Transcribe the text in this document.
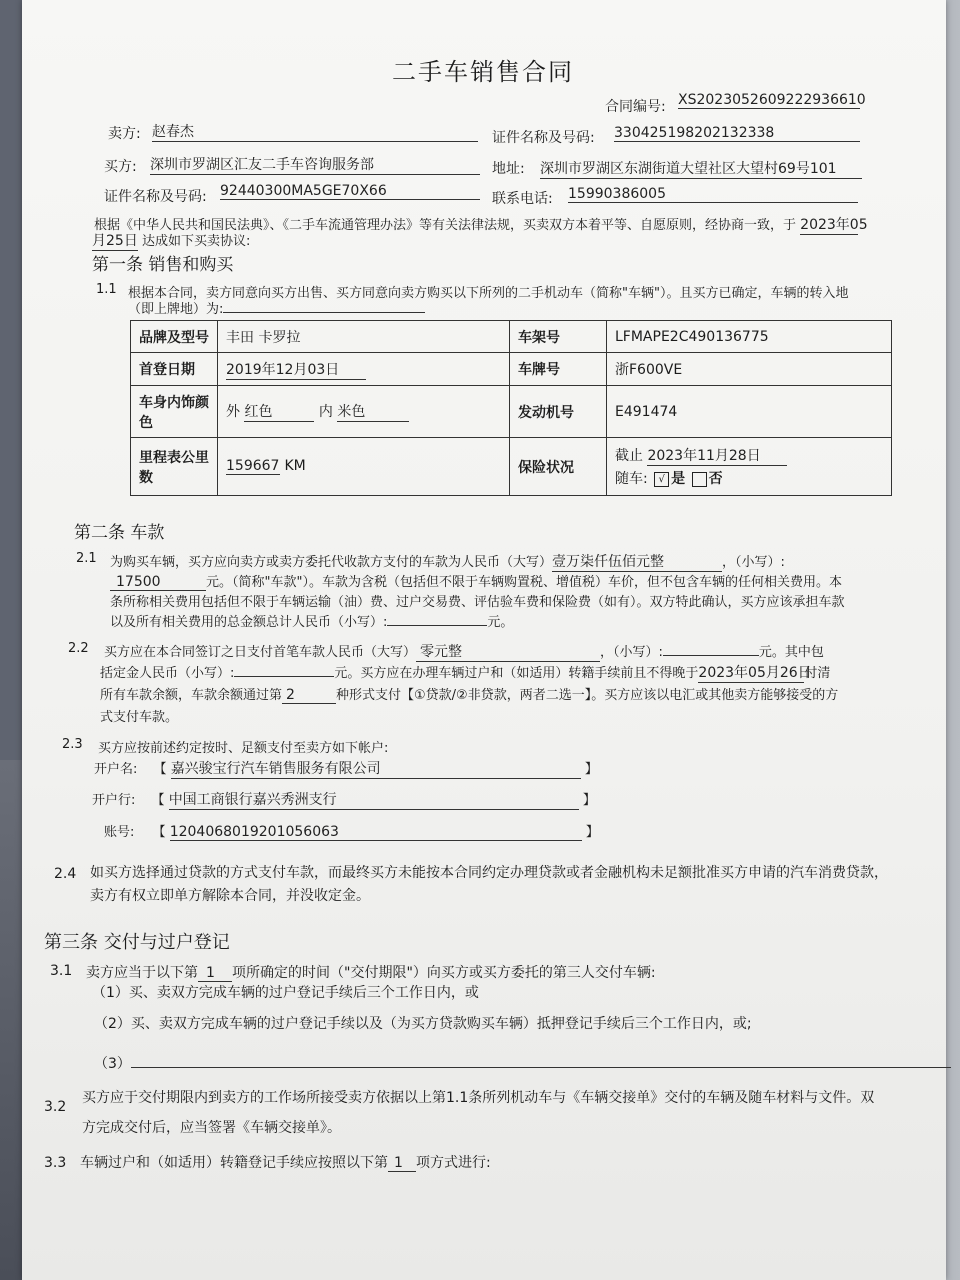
二手车销售合同
合同编号: XS2023052609222936610
卖方: 赵春杰	证件名称及号码: 330425198202132338
买方: 深圳市罗湖区汇友二手车咨询服务部	地址: 深圳市罗湖区东湖街道大望社区大望村69号101
证件名称及号码: 92440300MA5GE70X66	联系电话: 15990386005
根据《中华人民共和国民法典》、《二手车流通管理办法》等有关法律法规，买卖双方本着平等、自愿原则，经协商一致，于 2023年05
月25日 达成如下买卖协议:
第一条 销售和购买
1.1 根据本合同，卖方同意向买方出售、买方同意向卖方购买以下所列的二手机动车（简称"车辆"）。且买方已确定，车辆的转入地
（即上牌地）为:
品牌及型号	丰田 卡罗拉	车架号	LFMAPE2C490136775
首登日期	2019年12月03日	车牌号	浙F600VE
车身内饰颜色	外 红色 内 米色	发动机号	E491474
里程表公里数	159667 KM	保险状况	截止 2023年11月28日
随车: √ 是 否
第二条 车款
2.1 为购买车辆，买方应向卖方或卖方委托代收款方支付的车款为人民币（大写）壹万柒仟伍佰元整	，（小写）:
17500	元。（简称"车款"）。车款为含税（包括但不限于车辆购置税、增值税）车价，但不包含车辆的任何相关费用。本
条所称相关费用包括但不限于车辆运输（油）费、过户交易费、评估验车费和保险费（如有）。双方特此确认，买方应该承担车款
以及所有相关费用的总金额总计人民币（小写）:	元。
2.2 买方应在本合同签订之日支付首笔车款人民币（大写） 零元整	，（小写）:	元。其中包
括定金人民币（小写）:	元。买方应在办理车辆过户和（如适用）转籍手续前且不得晚于2023年05月26日付清
所有车款余额，车款余额通过第 2	种形式支付【①贷款/②非贷款，两者二选一】。买方应该以电汇或其他卖方能够接受的方
式支付车款。
2.3 买方应按前述约定按时、足额支付至卖方如下帐户:
开户名: 【 嘉兴骏宝行汽车销售服务有限公司	】
开户行: 【 中国工商银行嘉兴秀洲支行	】
账号: 【 1204068019201056063	】
2.4 如买方选择通过贷款的方式支付车款，而最终买方未能按本合同约定办理贷款或者金融机构未足额批准买方申请的汽车消费贷款，
卖方有权立即单方解除本合同，并没收定金。
第三条 交付与过户登记
3.1 卖方应当于以下第 1 项所确定的时间（"交付期限"）向买方或买方委托的第三人交付车辆:
（1）买、卖双方完成车辆的过户登记手续后三个工作日内，或
（2）买、卖双方完成车辆的过户登记手续以及（为买方贷款购买车辆）抵押登记手续后三个工作日内，或;
（3）
3.2
买方应于交付期限内到卖方的工作场所接受卖方依据以上第1.1条所列机动车与《车辆交接单》交付的车辆及随车材料与文件。双
方完成交付后，应当签署《车辆交接单》。
3.3 车辆过户和（如适用）转籍登记手续应按照以下第 1 项方式进行:
